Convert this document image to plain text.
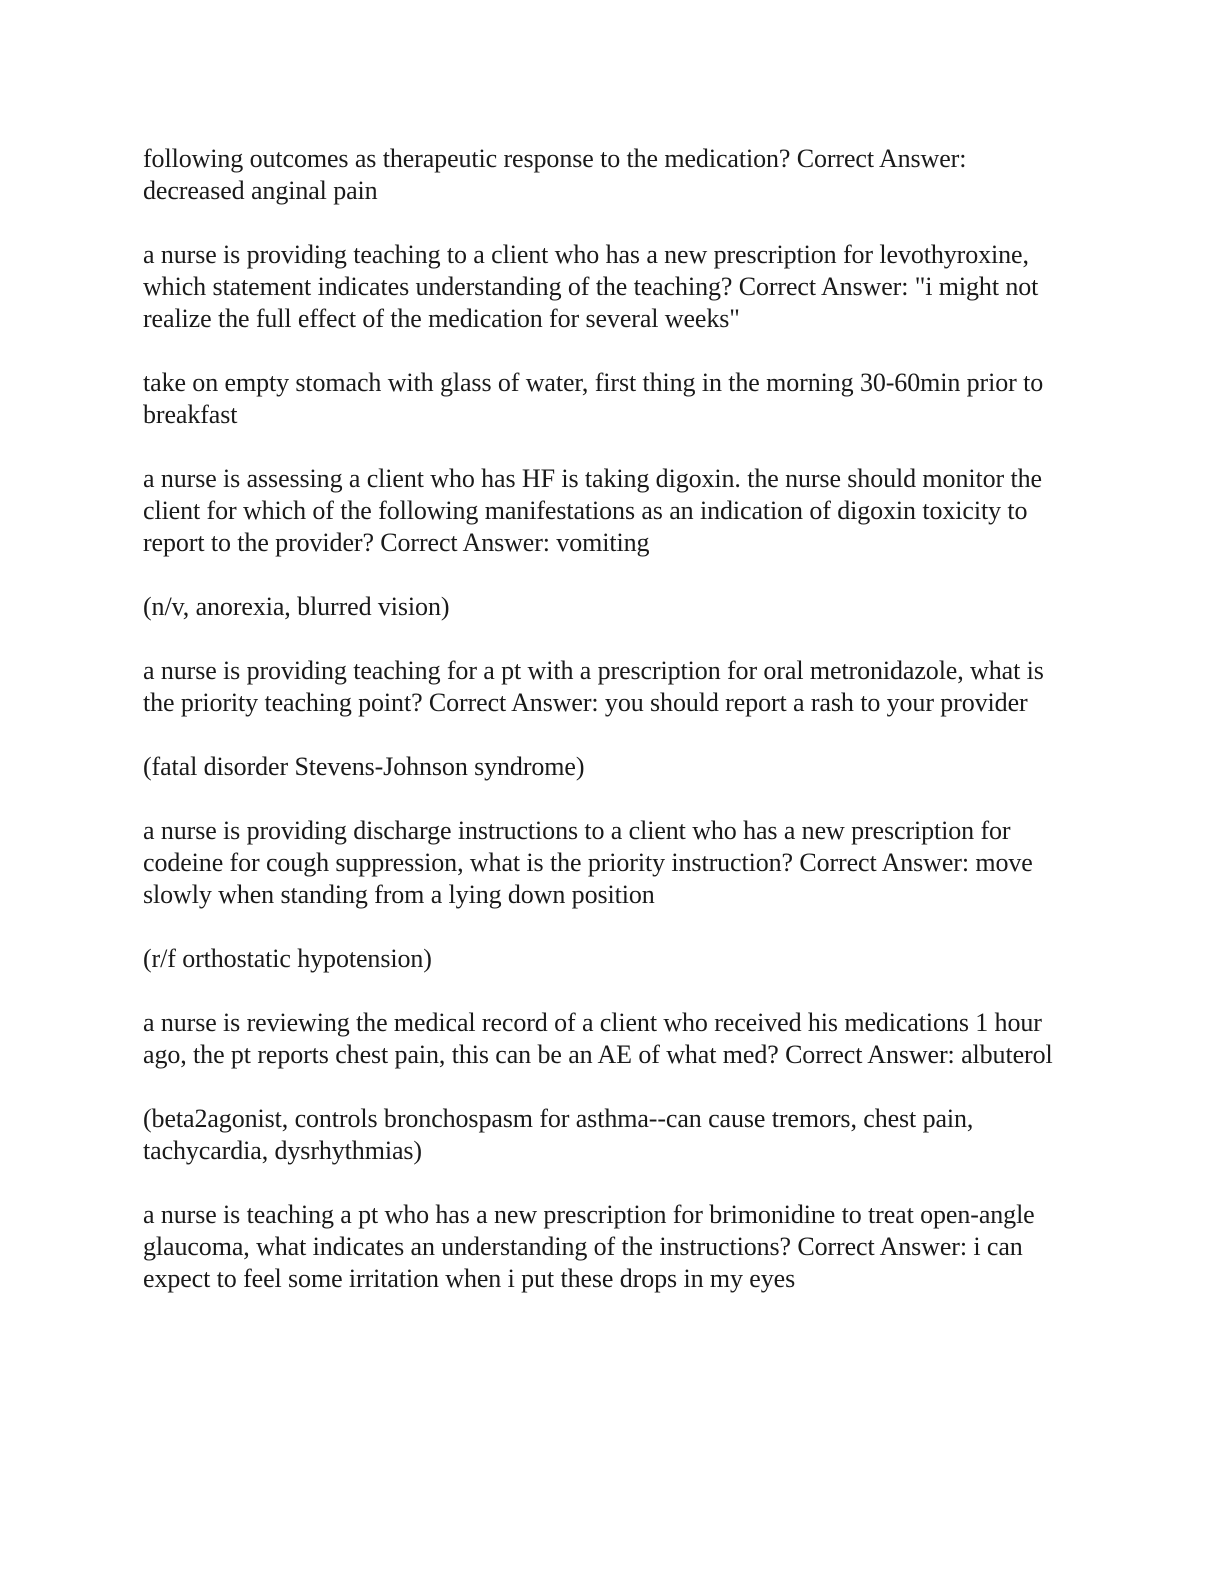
following outcomes as therapeutic response to the medication? Correct Answer: decreased anginal pain

a nurse is providing teaching to a client who has a new prescription for levothyroxine, which statement indicates understanding of the teaching? Correct Answer: "i might not realize the full effect of the medication for several weeks"

take on empty stomach with glass of water, first thing in the morning 30-60min prior to breakfast

a nurse is assessing a client who has HF is taking digoxin. the nurse should monitor the client for which of the following manifestations as an indication of digoxin toxicity to report to the provider? Correct Answer: vomiting

(n/v, anorexia, blurred vision)

a nurse is providing teaching for a pt with a prescription for oral metronidazole, what is the priority teaching point? Correct Answer: you should report a rash to your provider

(fatal disorder Stevens-Johnson syndrome)

a nurse is providing discharge instructions to a client who has a new prescription for codeine for cough suppression, what is the priority instruction? Correct Answer: move slowly when standing from a lying down position

(r/f orthostatic hypotension)

a nurse is reviewing the medical record of a client who received his medications 1 hour ago, the pt reports chest pain, this can be an AE of what med? Correct Answer: albuterol

(beta2agonist, controls bronchospasm for asthma--can cause tremors, chest pain, tachycardia, dysrhythmias)

a nurse is teaching a pt who has a new prescription for brimonidine to treat open-angle glaucoma, what indicates an understanding of the instructions? Correct Answer: i can expect to feel some irritation when i put these drops in my eyes
